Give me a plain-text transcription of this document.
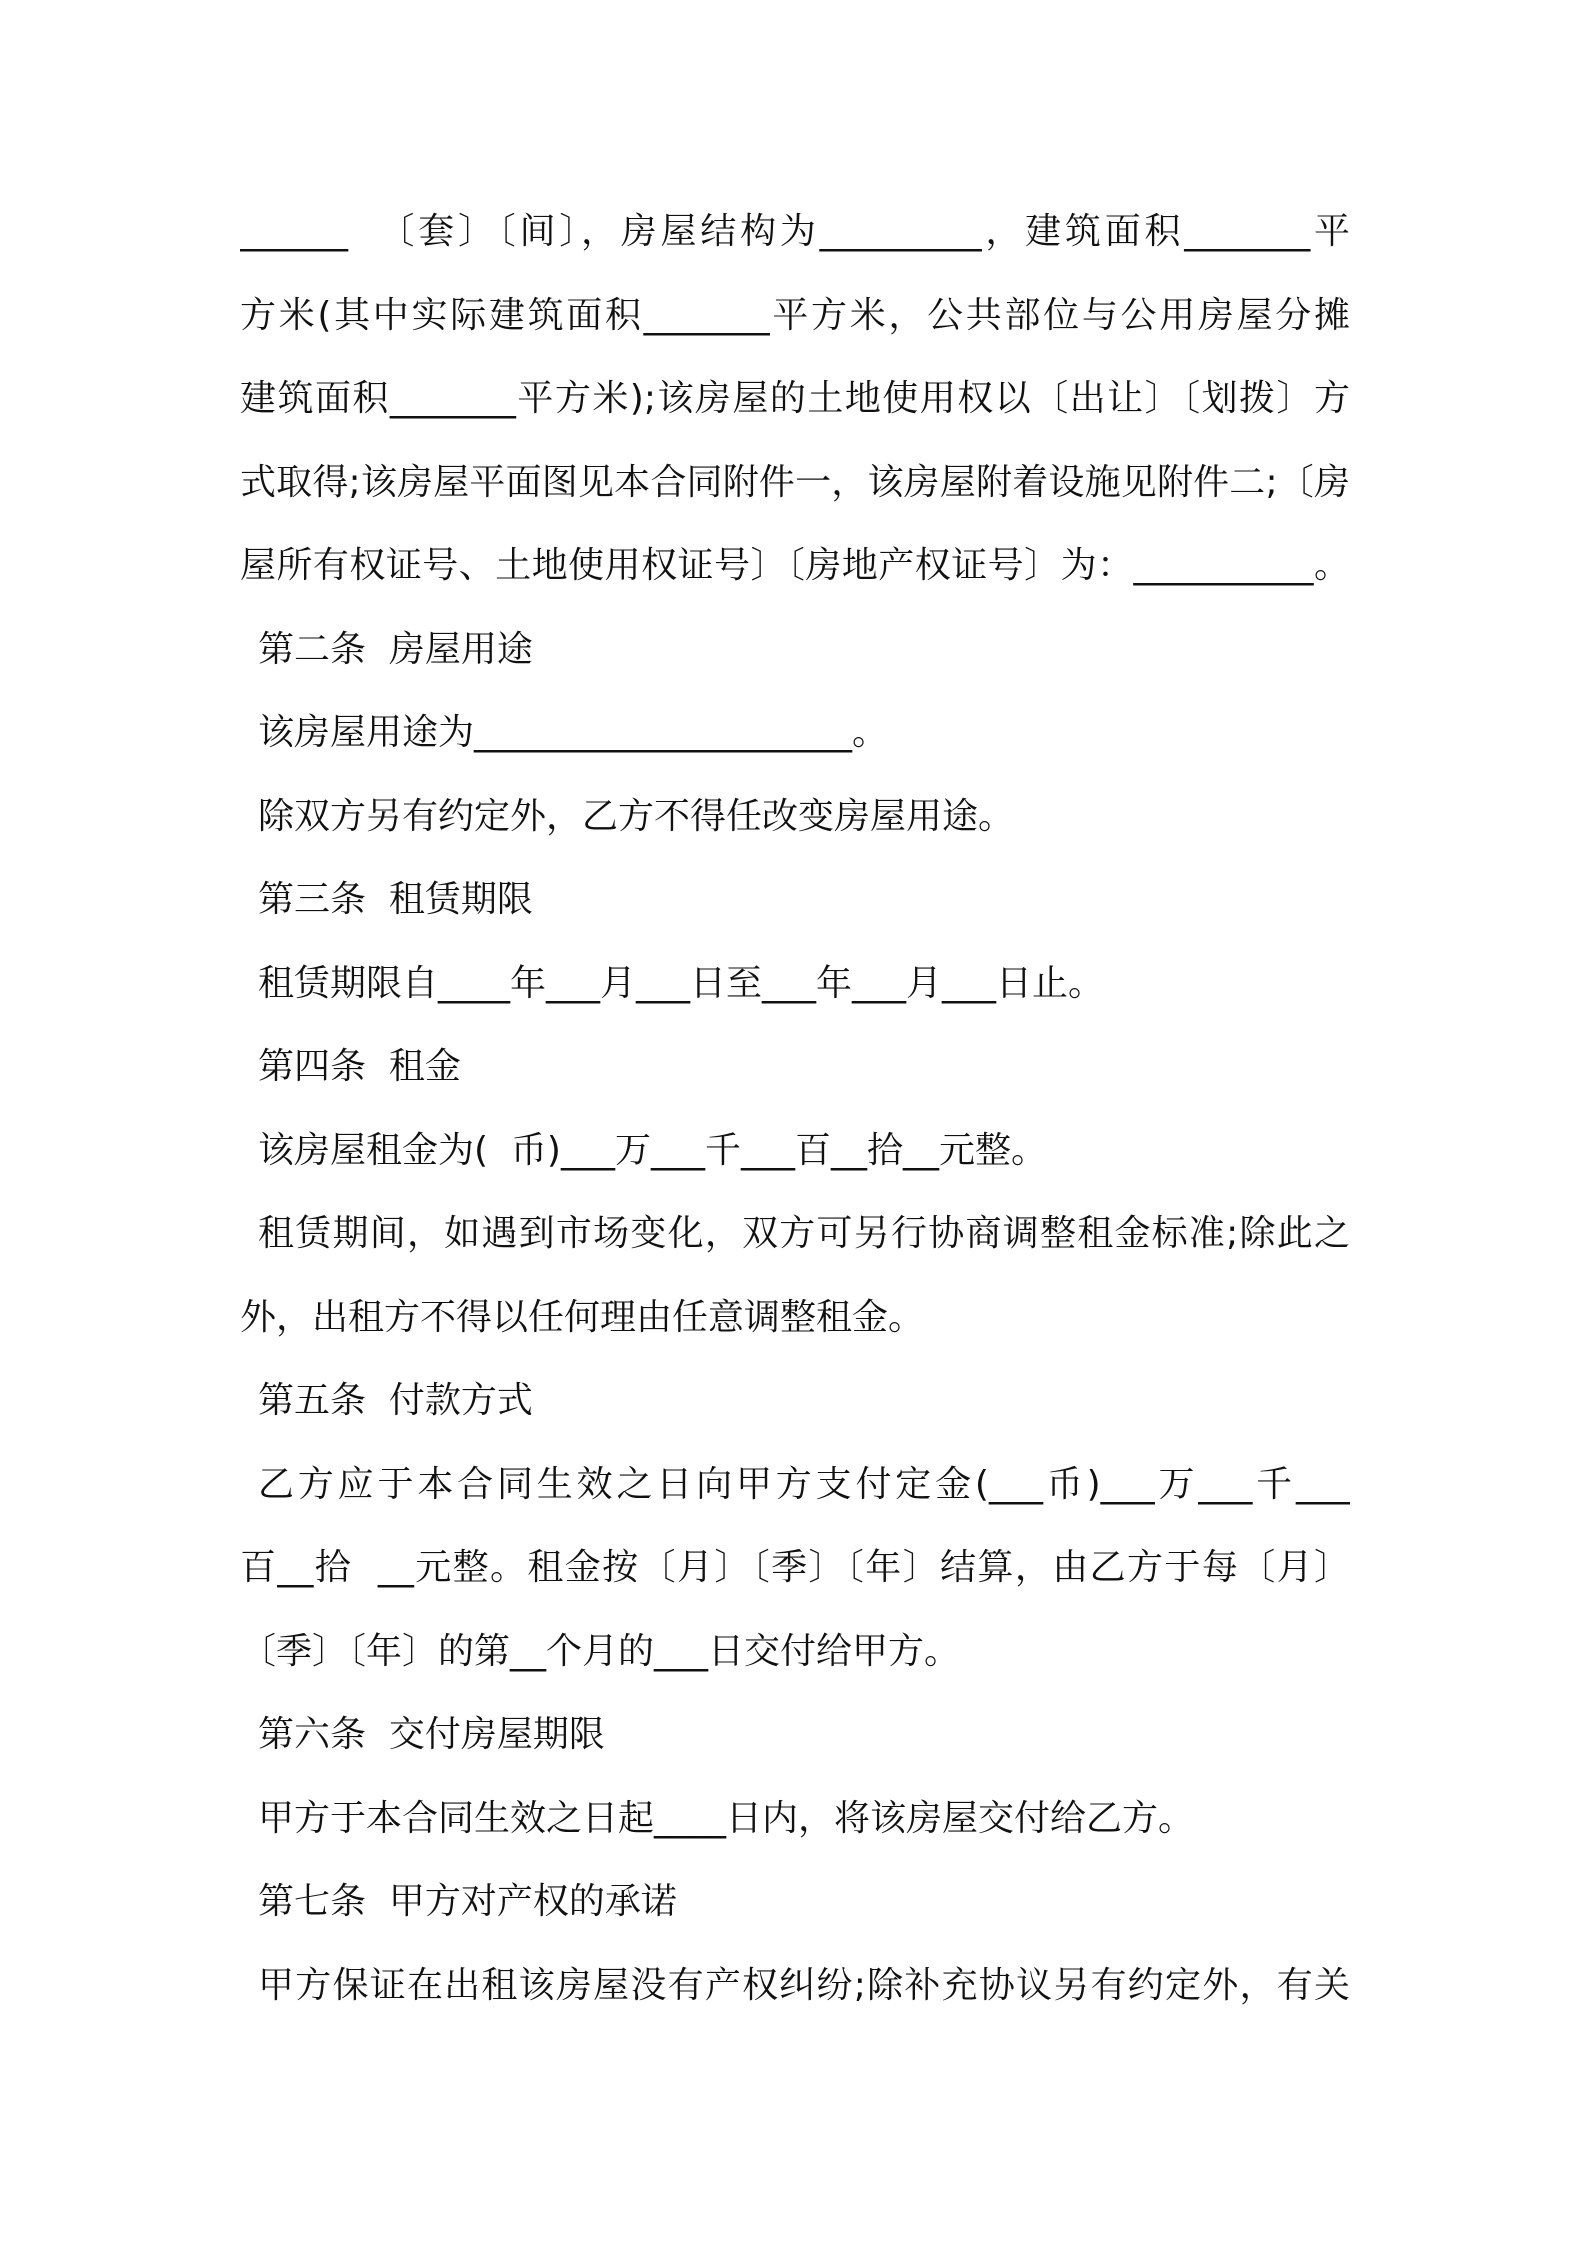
______  〔套〕〔间〕，房屋结构为_________，建筑面积_______平
方米(其中实际建筑面积_______平方米，公共部位与公用房屋分摊
建筑面积_______平方米);该房屋的土地使用权以〔出让〕〔划拨〕方
式取得;该房屋平面图见本合同附件一，该房屋附着设施见附件二;〔房
屋所有权证号、土地使用权证号〕〔房地产权证号〕为：__________。
第二条  房屋用途
该房屋用途为_____________________。
除双方另有约定外，乙方不得任改变房屋用途。
第三条  租赁期限
租赁期限自____年___月___日至___年___月___日止。
第四条  租金
该房屋租金为(  币)___万___千___百__拾__元整。
租赁期间，如遇到市场变化，双方可另行协商调整租金标准;除此之
外，出租方不得以任何理由任意调整租金。
第五条  付款方式
乙方应于本合同生效之日向甲方支付定金(___币)___万___千___
百__拾  __元整。租金按〔月〕〔季〕〔年〕结算，由乙方于每〔月〕
〔季〕〔年〕的第__个月的___日交付给甲方。
第六条  交付房屋期限
甲方于本合同生效之日起____日内，将该房屋交付给乙方。
第七条  甲方对产权的承诺
甲方保证在出租该房屋没有产权纠纷;除补充协议另有约定外，有关
